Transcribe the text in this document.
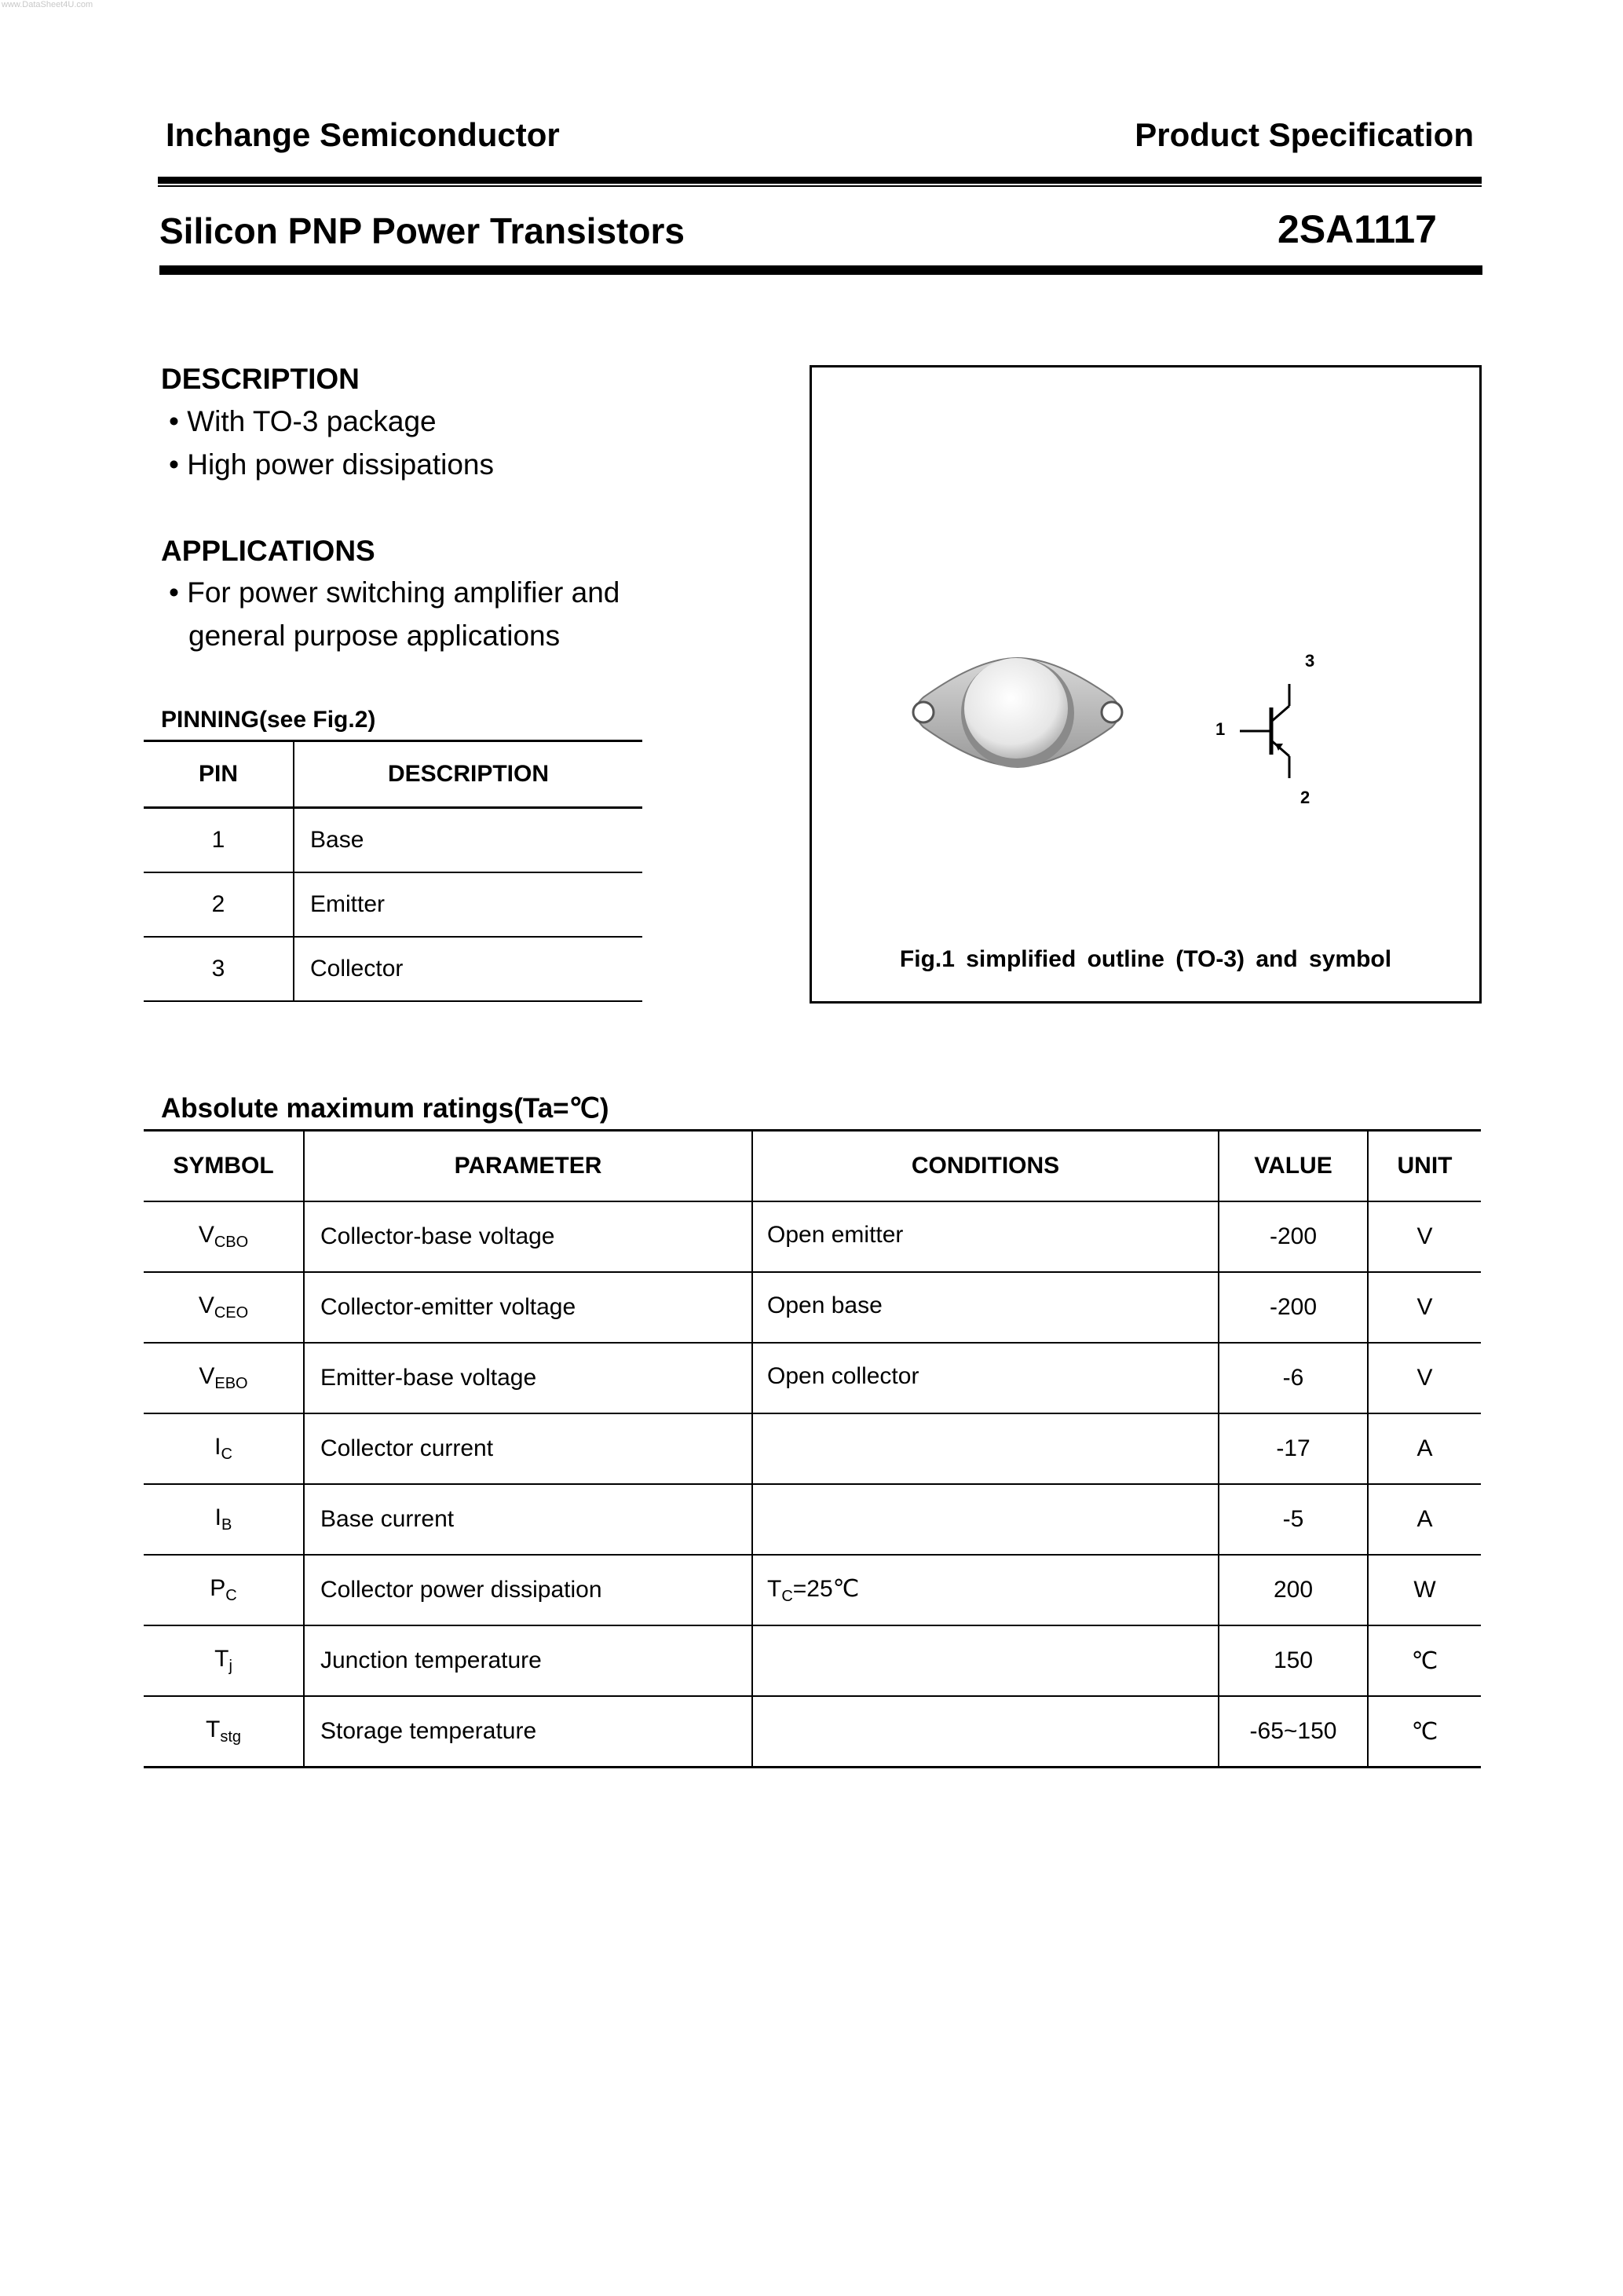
www.DataSheet4U.com
Inchange Semiconductor	Product Specification
Silicon PNP Power Transistors	2SA1117
DESCRIPTION
• With TO-3 package
• High power dissipations
APPLICATIONS
• For power switching amplifier and
general purpose applications
PINNING(see Fig.2)
PIN	DESCRIPTION
1	Base
2	Emitter
3	Collector
1
3
2
Fig.1 simplified outline (TO-3) and symbol
Absolute maximum ratings(Ta=℃)
SYMBOL	PARAMETER	CONDITIONS	VALUE	UNIT
$V_{CBO}$	Collector-base voltage	Open emitter	-200	V
$V_{CEO}$	Collector-emitter voltage	Open base	-200	V
$V_{EBO}$	Emitter-base voltage	Open collector	-6	V
$I_C$	Collector current		-17	A
$I_B$	Base current		-5	A
$P_C$	Collector power dissipation	$T_C=25℃$	200	W
$T_j$	Junction temperature		150	℃
$T_{stg}$	Storage temperature		-65~150	℃
